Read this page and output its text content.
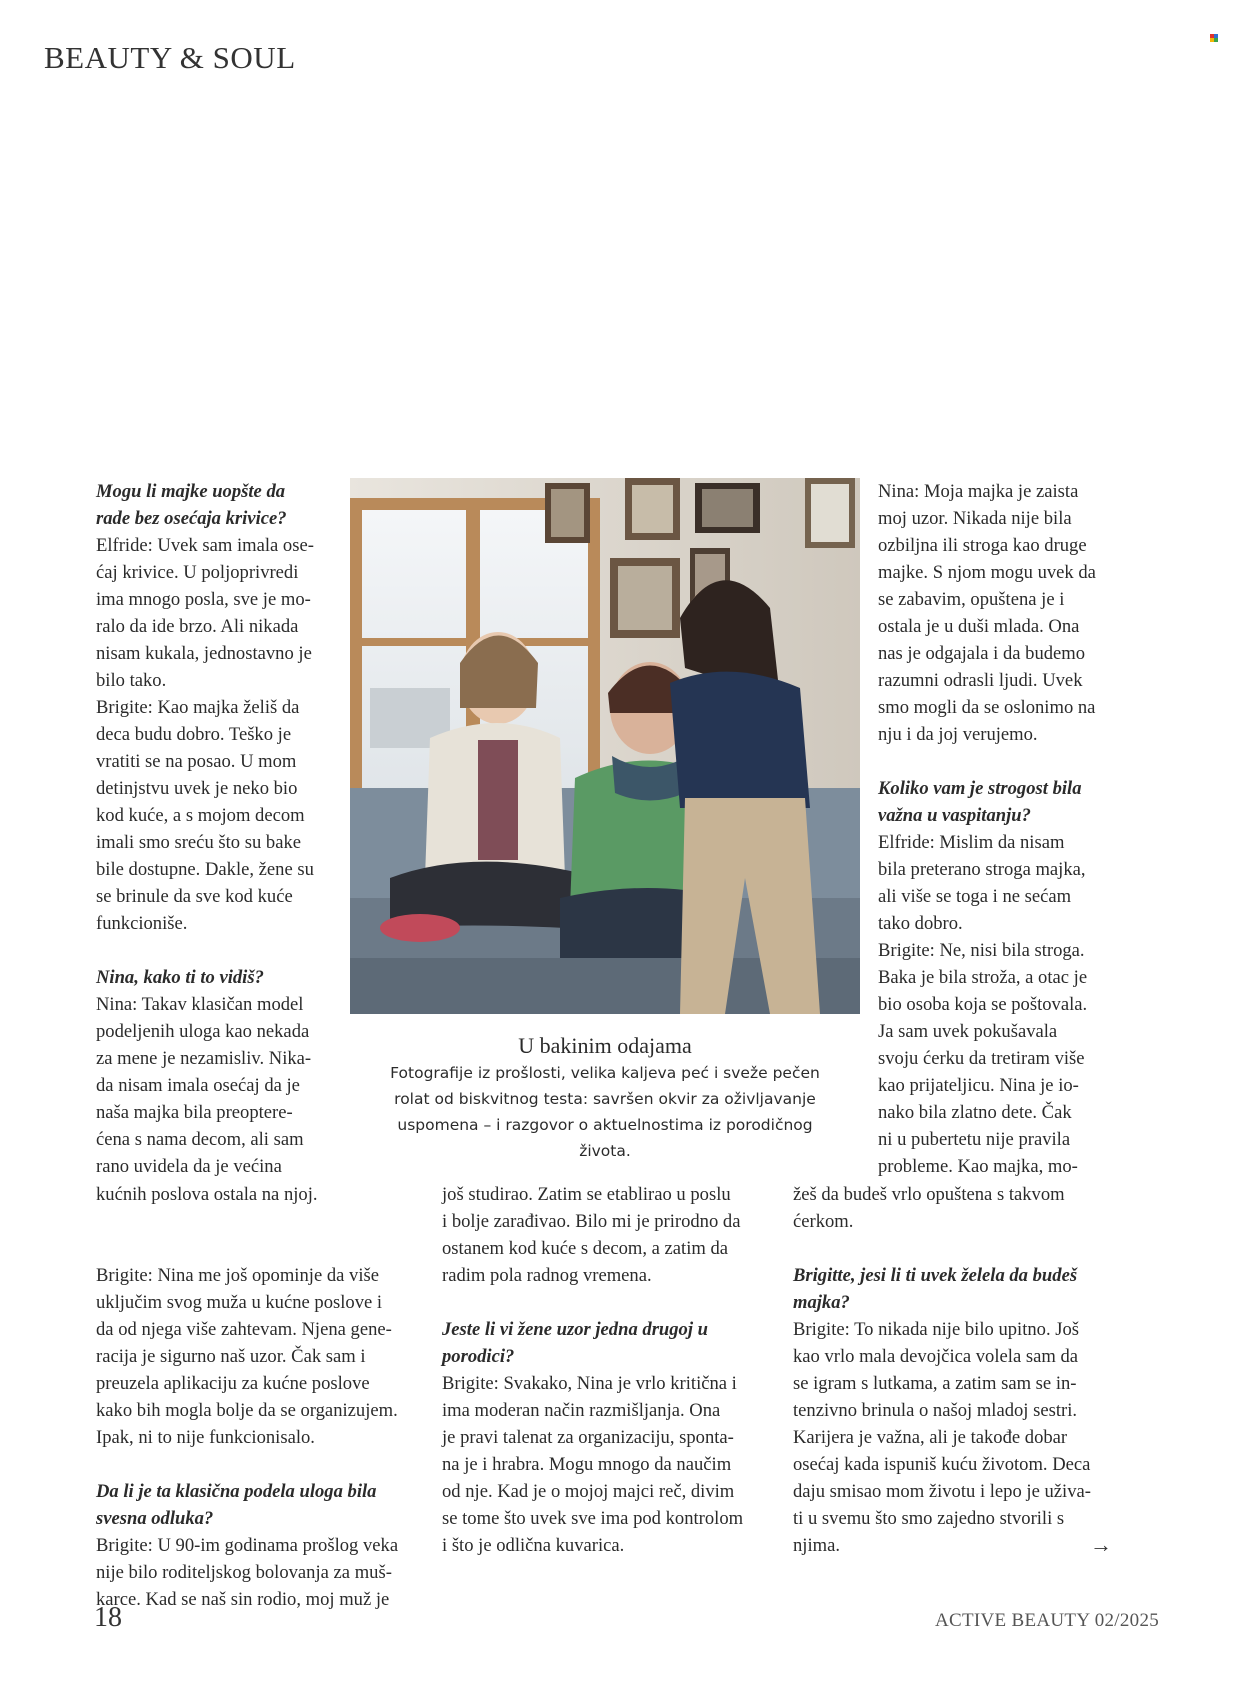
BEAUTY & SOUL

Mogu li majke uopšte da

rade bez osećaja krivice?

Elfride: Uvek sam imala ose-

ćaj krivice. U poljoprivredi

ima mnogo posla, sve je mo-

ralo da ide brzo. Ali nikada

nisam kukala, jednostavno je

bilo tako.

Brigite: Kao majka želiš da

deca budu dobro. Teško je

vratiti se na posao. U mom

detinjstvu uvek je neko bio

kod kuće, a s mojom decom

imali smo sreću što su bake

bile dostupne. Dakle, žene su

se brinule da sve kod kuće

funkcioniše.

Nina, kako ti to vidiš?

Nina: Takav klasičan model

podeljenih uloga kao nekada

za mene je nezamisliv. Nika-

da nisam imala osećaj da je

naša majka bila preoptere-

ćena s nama decom, ali sam

rano uvidela da je većina

kućnih poslova ostala na njoj.

Brigite: Nina me još opominje da više

uključim svog muža u kućne poslove i

da od njega više zahtevam. Njena gene-

racija je sigurno naš uzor. Čak sam i

preuzela aplikaciju za kućne poslove

kako bih mogla bolje da se organizujem.

Ipak, ni to nije funkcionisalo.

Da li je ta klasična podela uloga bila

svesna odluka?

Brigite: U 90-im godinama prošlog veka

nije bilo roditeljskog bolovanja za muš-

karce. Kad se naš sin rodio, moj muž je

još studirao. Zatim se etablirao u poslu

i bolje zarađivao. Bilo mi je prirodno da

ostanem kod kuće s decom, a zatim da

radim pola radnog vremena.

Jeste li vi žene uzor jedna drugoj u

porodici?

Brigite: Svakako, Nina je vrlo kritična i

ima moderan način razmišljanja. Ona

je pravi talenat za organizaciju, sponta-

na je i hrabra. Mogu mnogo da naučim

od nje. Kad je o mojoj majci reč, divim

se tome što uvek sve ima pod kontrolom

i što je odlična kuvarica.

Nina: Moja majka je zaista

moj uzor. Nikada nije bila

ozbiljna ili stroga kao druge

majke. S njom mogu uvek da

se zabavim, opuštena je i

ostala je u duši mlada. Ona

nas je odgajala i da budemo

razumni odrasli ljudi. Uvek

smo mogli da se oslonimo na

nju i da joj verujemo.

Koliko vam je strogost bila

važna u vaspitanju?

Elfride: Mislim da nisam

bila preterano stroga majka,

ali više se toga i ne sećam

tako dobro.

Brigite: Ne, nisi bila stroga.

Baka je bila stroža, a otac je

bio osoba koja se poštovala.

Ja sam uvek pokušavala

svoju ćerku da tretiram više

kao prijateljicu. Nina je io-

nako bila zlatno dete. Čak

ni u pubertetu nije pravila

probleme. Kao majka, mo-

žeš da budeš vrlo opuštena s takvom

ćerkom.

Brigitte, jesi li ti uvek želela da budeš

majka?

Brigite: To nikada nije bilo upitno. Još

kao vrlo mala devojčica volela sam da

se igram s lutkama, a zatim sam se in-

tenzivno brinula o našoj mladoj sestri.

Karijera je važna, ali je takođe dobar

osećaj kada ispuniš kuću životom. Deca

daju smisao mom životu i lepo je uživa-

ti u svemu što smo zajedno stvorili s

njima.

U bakinim odajama
Fotografije iz prošlosti, velika kaljeva peć i sveže pečen
rolat od biskvitnog testa: savršen okvir za oživljavanje
uspomena – i razgovor o aktuelnostima iz porodičnog
života.
→
18	ACTIVE BEAUTY 02/2025
